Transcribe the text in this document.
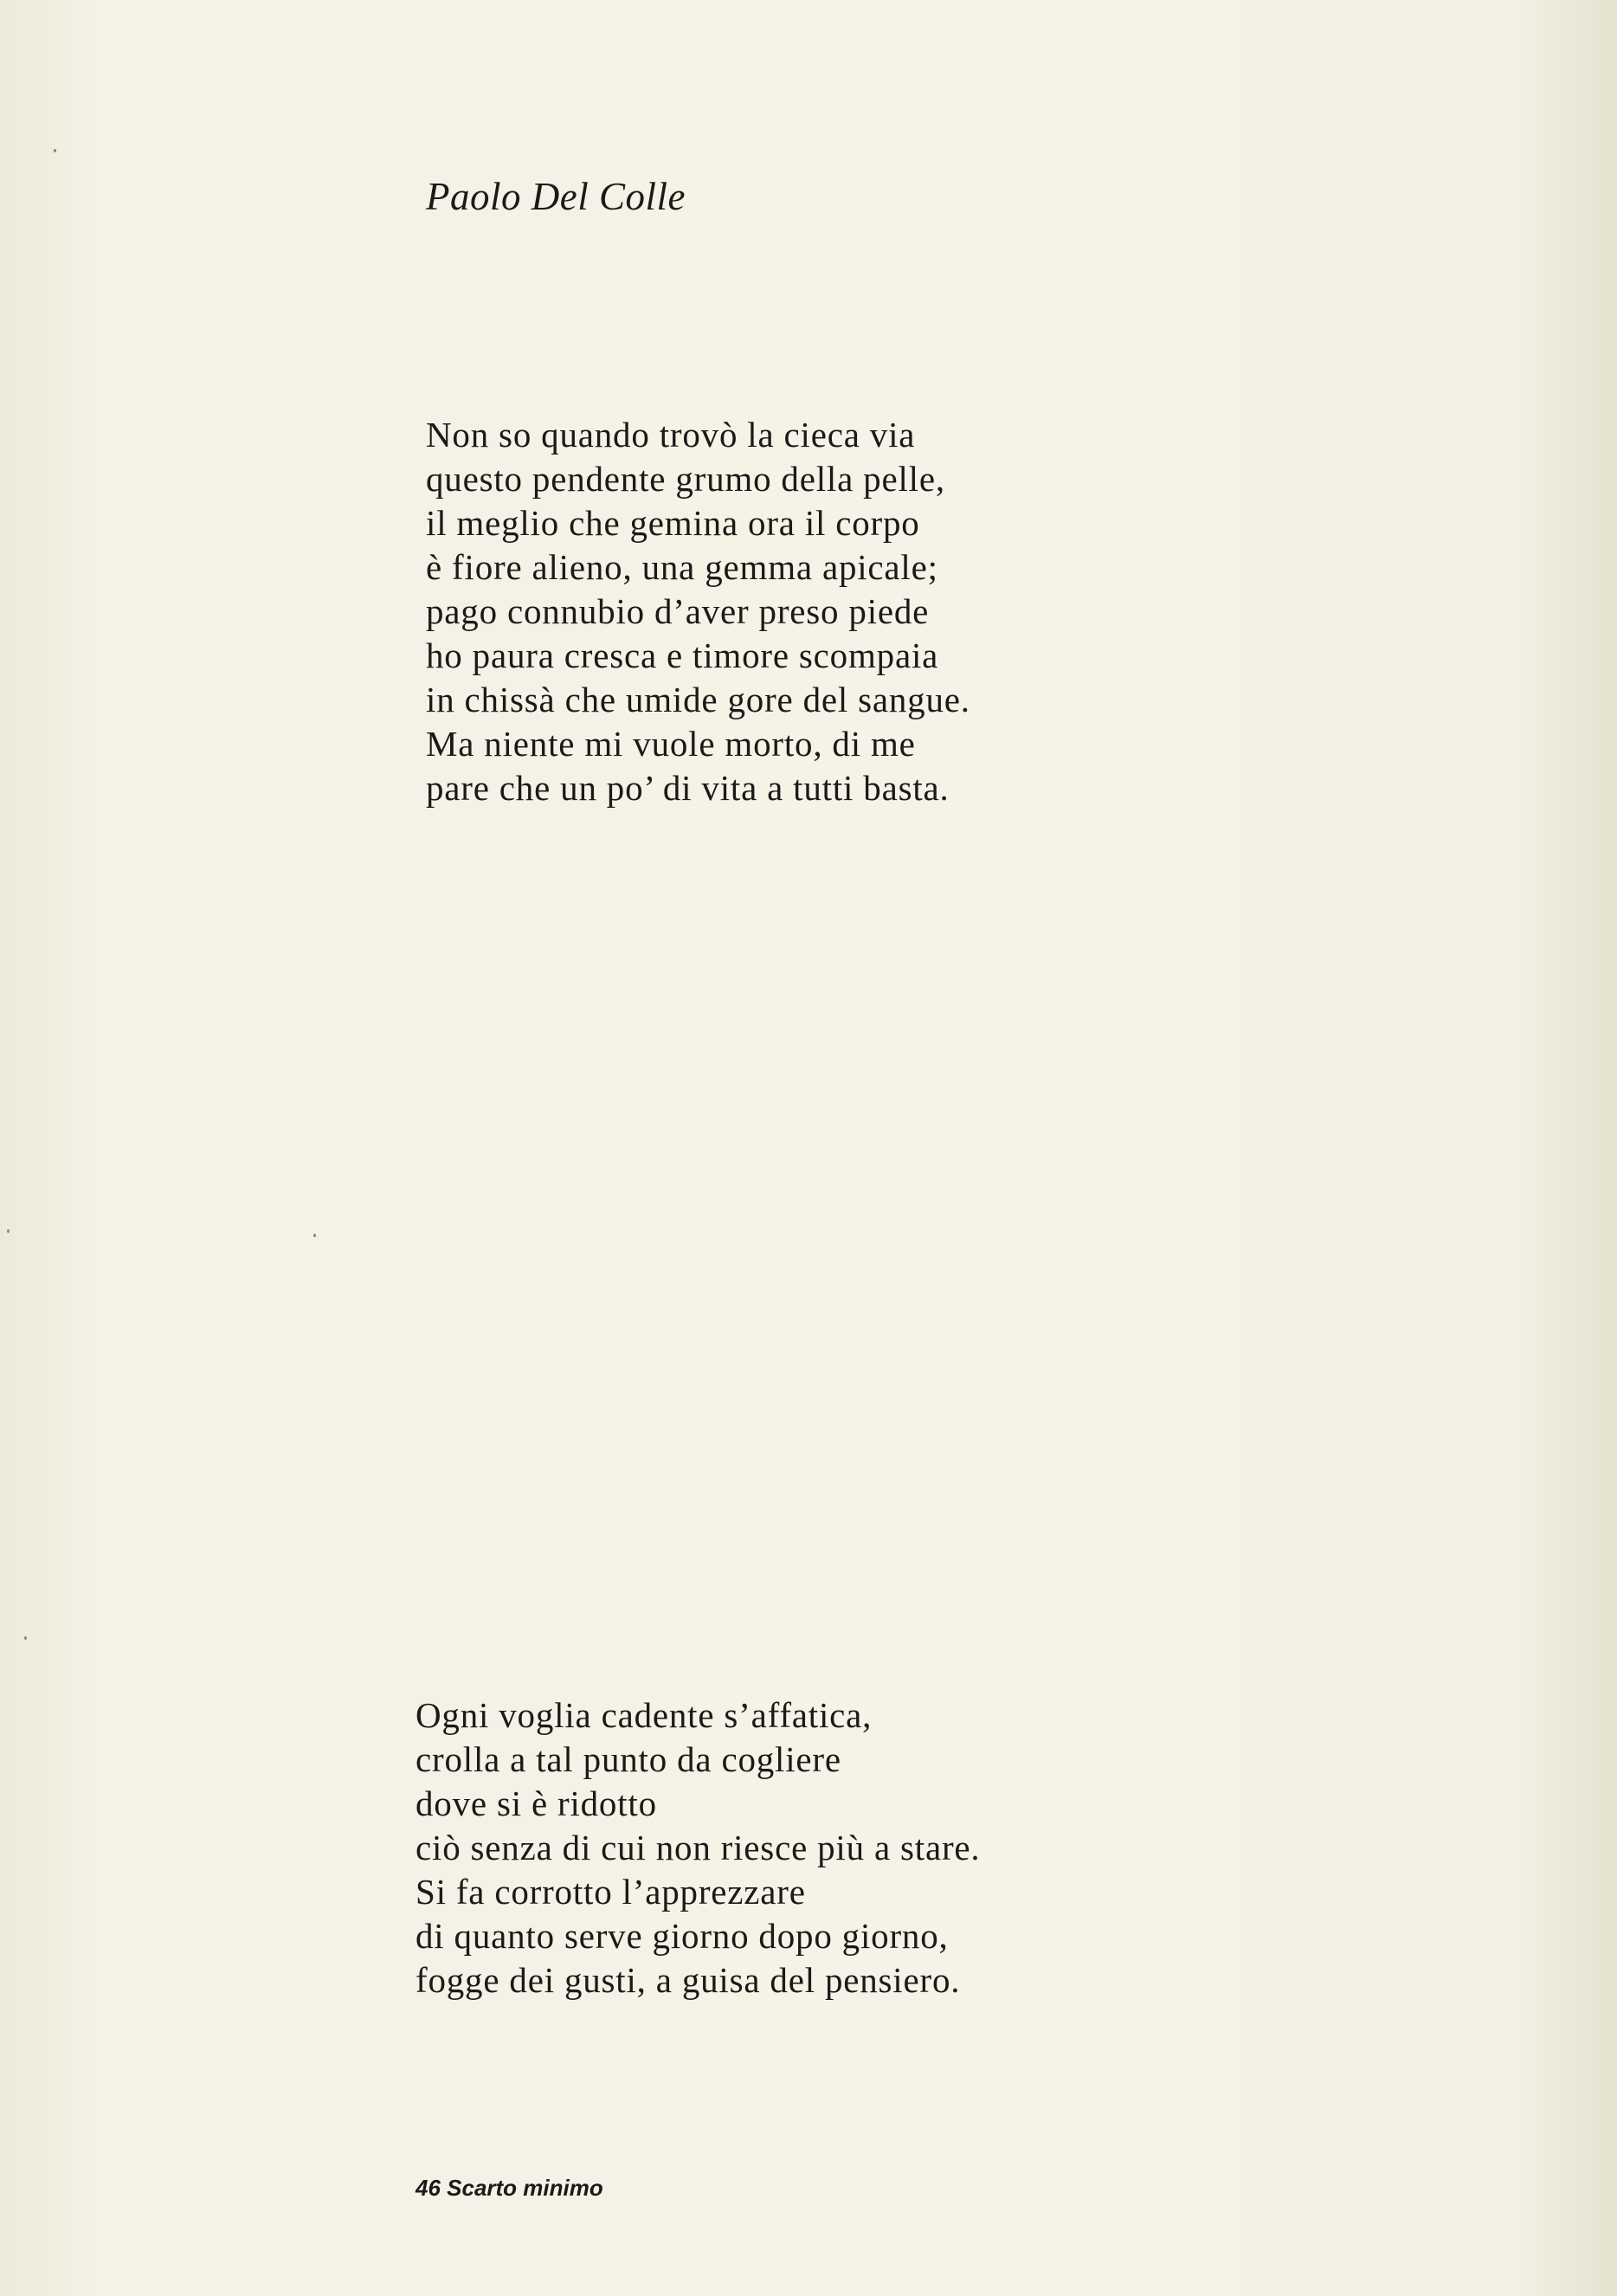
Paolo Del Colle
Non so quando trovò la cieca via
questo pendente grumo della pelle,
il meglio che gemina ora il corpo
è fiore alieno, una gemma apicale;
pago connubio d’aver preso piede
ho paura cresca e timore scompaia
in chissà che umide gore del sangue.
Ma niente mi vuole morto, di me
pare che un po’ di vita a tutti basta.
Ogni voglia cadente s’affatica,
crolla a tal punto da cogliere
dove si è ridotto
ciò senza di cui non riesce più a stare.
Si fa corrotto l’apprezzare
di quanto serve giorno dopo giorno,
fogge dei gusti, a guisa del pensiero.
46 Scarto minimo
